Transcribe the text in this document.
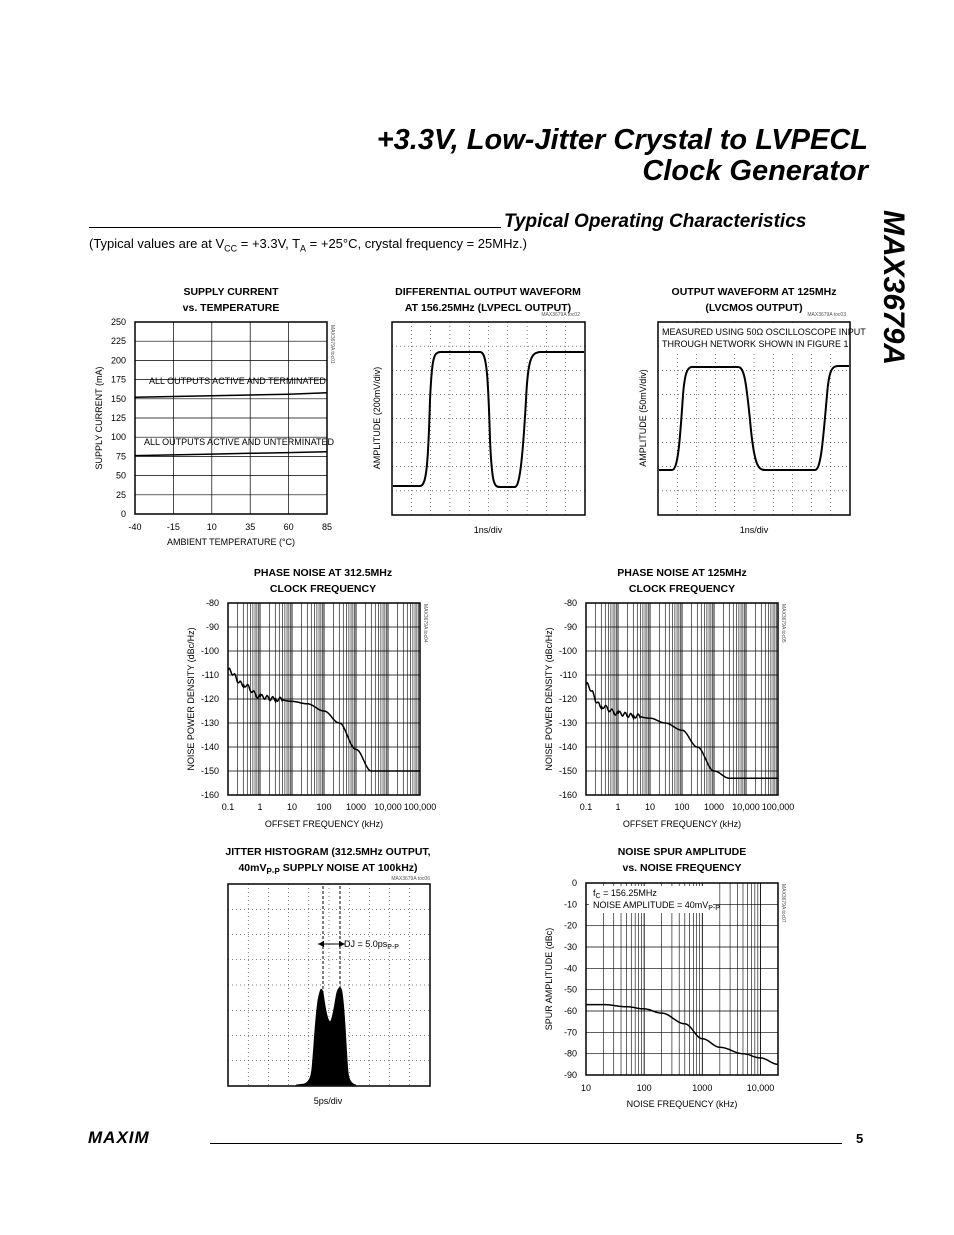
+3.3V, Low-Jitter Crystal to LVPECL
Clock Generator
MAX3679A
Typical Operating Characteristics
(Typical values are at $V_{CC} = +3.3V$, $T_A = +25^\circ C$, crystal frequency = 25MHz.)
SUPPLY CURRENT
vs. TEMPERATURE
DIFFERENTIAL OUTPUT WAVEFORM
AT 156.25MHz (LVPECL OUTPUT)
OUTPUT WAVEFORM AT 125MHz
(LVCMOS OUTPUT)
PHASE NOISE AT 312.5MHz
CLOCK FREQUENCY
PHASE NOISE AT 125MHz
CLOCK FREQUENCY
JITTER HISTOGRAM (312.5MHz OUTPUT,
$40mV_{P-P}$ SUPPLY NOISE AT 100kHz)
NOISE SPUR AMPLITUDE
vs. NOISE FREQUENCY
250
225
200
175
150
125
100
75
50
25
0
-40	-15	10	35	60	85
ALL OUTPUTS ACTIVE AND TERMINATED
ALL OUTPUTS ACTIVE AND UNTERMINATED
MAX3679A toc01
AMBIENT TEMPERATURE (°C)
SUPPLY CURRENT (mA)
MAX3679A toc02
1ns/div
AMPLITUDE (200mV/div)
MEASURED USING 50Ω OSCILLOSCOPE INPUT
THROUGH NETWORK SHOWN IN FIGURE 1
MAX3679A toc03
1ns/div
AMPLITUDE (50mV/div)
-80
-90
-100
-110
-120
-130
-140
-150
-160
0.1	1	10 100 1000 10,000 100,000
MAX3679A toc04
OFFSET FREQUENCY (kHz)
NOISE POWER DENSITY (dBc/Hz)
-80
-90
-100
-110
-120
-130
-140
-150
-160
0.1	1	10 100 1000 10,000 100,000
MAX3679A toc05
OFFSET FREQUENCY (kHz)
NOISE POWER DENSITY (dBc/Hz)
DJ = $5.0ps_{P-P}$
MAX3679A toc06
5ps/div
0
-10
-20
-30
-40
-50
-60
-70
-80
-90
10	100	1000	10,000
$f_C = 156.25MHz$
NOISE AMPLITUDE = $40mV_{P-P}$	MAX3679A toc07
NOISE FREQUENCY (kHz)
SPUR AMPLITUDE (dBc)
MAXIM	5
